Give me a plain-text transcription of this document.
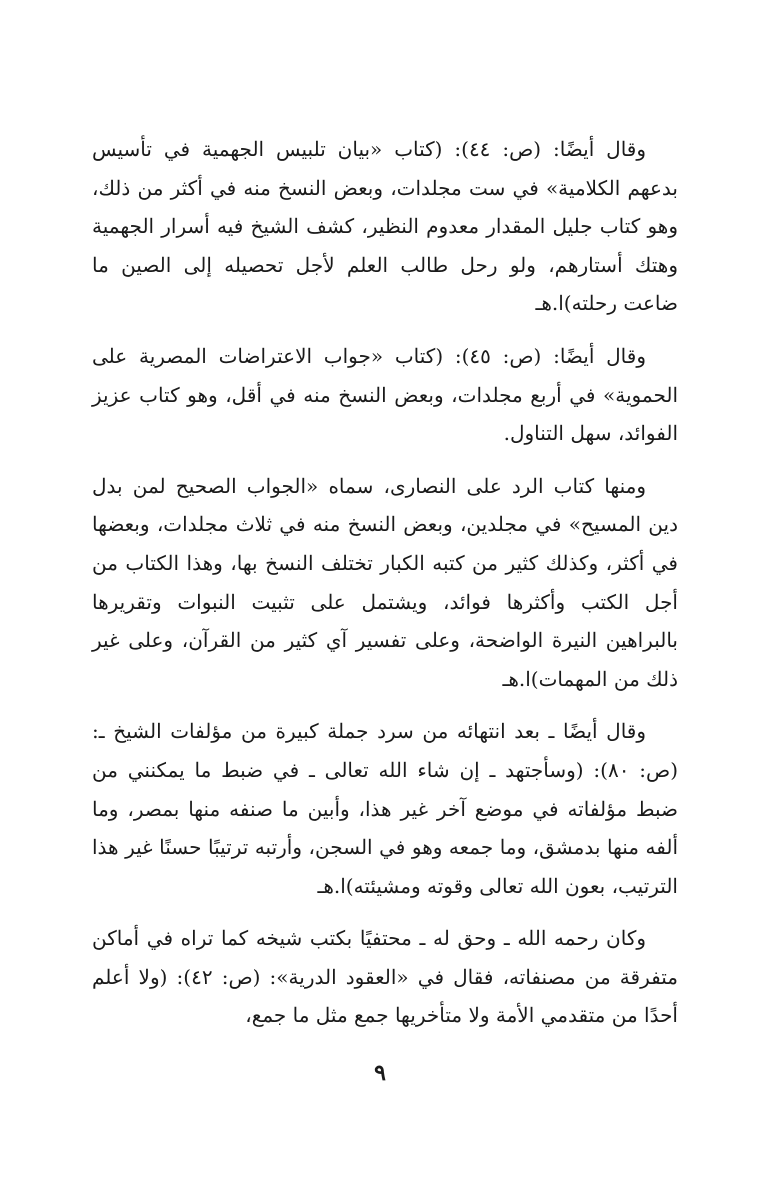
وقال أيضًا: (ص: ٤٤): (كتاب «بيان تلبيس الجهمية في تأسيس بدعهم الكلامية» في ست مجلدات، وبعض النسخ منه في أكثر من ذلك، وهو كتاب جليل المقدار معدوم النظير، كشف الشيخ فيه أسرار الجهمية وهتك أستارهم، ولو رحل طالب العلم لأجل تحصيله إلى الصين ما ضاعت رحلته)ا.هـ

وقال أيضًا: (ص: ٤٥): (كتاب «جواب الاعتراضات المصرية على الحموية» في أربع مجلدات، وبعض النسخ منه في أقل، وهو كتاب عزيز الفوائد، سهل التناول.

ومنها كتاب الرد على النصارى، سماه «الجواب الصحيح لمن بدل دين المسيح» في مجلدين، وبعض النسخ منه في ثلاث مجلدات، وبعضها في أكثر، وكذلك كثير من كتبه الكبار تختلف النسخ بها، وهذا الكتاب من أجل الكتب وأكثرها فوائد، ويشتمل على تثبيت النبوات وتقريرها بالبراهين النيرة الواضحة، وعلى تفسير آي كثير من القرآن، وعلى غير ذلك من المهمات)ا.هـ

وقال أيضًا ـ بعد انتهائه من سرد جملة كبيرة من مؤلفات الشيخ ـ: (ص: ٨٠): (وسأجتهد ـ إن شاء الله تعالى ـ في ضبط ما يمكنني من ضبط مؤلفاته في موضع آخر غير هذا، وأبين ما صنفه منها بمصر، وما ألفه منها بدمشق، وما جمعه وهو في السجن، وأرتبه ترتيبًا حسنًا غير هذا الترتيب، بعون الله تعالى وقوته ومشيئته)ا.هـ

وكان رحمه الله ـ وحق له ـ محتفيًا بكتب شيخه كما تراه في أماكن متفرقة من مصنفاته، فقال في «العقود الدرية»: (ص: ٤٢): (ولا أعلم أحدًا من متقدمي الأمة ولا متأخريها جمع مثل ما جمع،

٩
